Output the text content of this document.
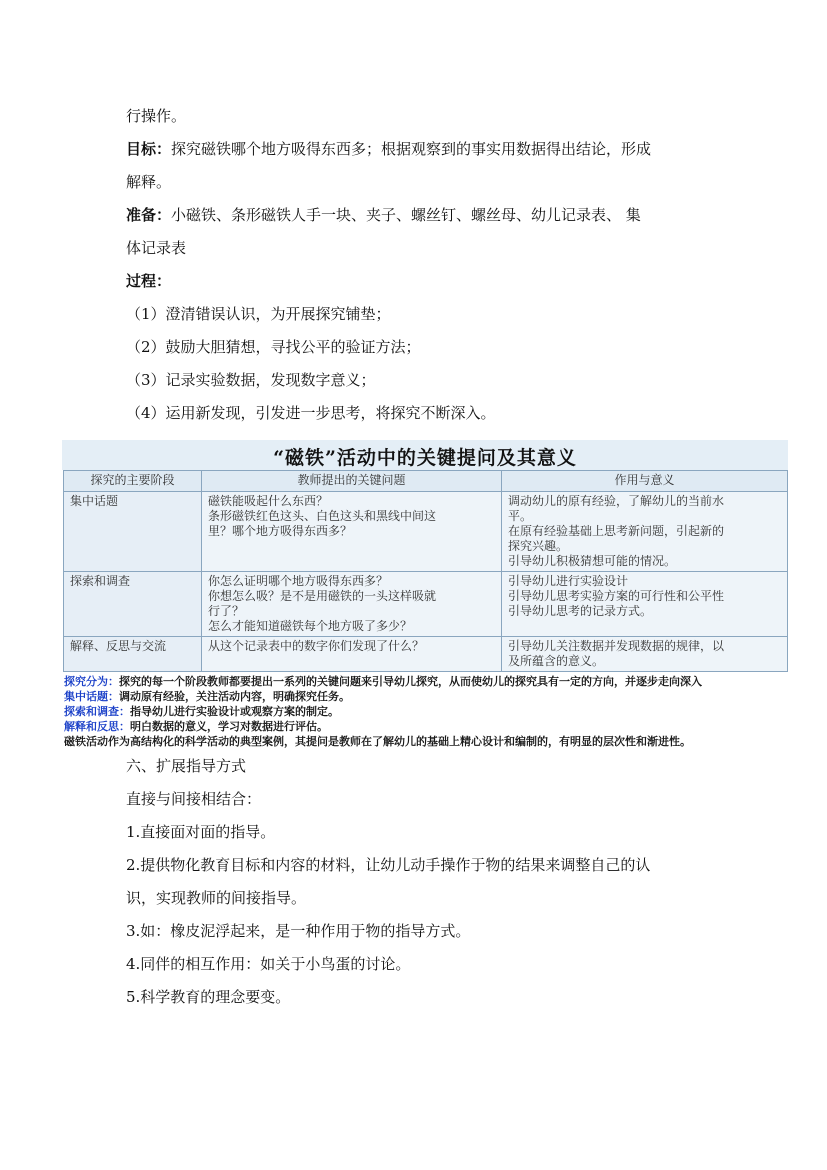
行操作。
目标：探究磁铁哪个地方吸得东西多；根据观察到的事实用数据得出结论，形成
解释。
准备：小磁铁、条形磁铁人手一块、夹子、螺丝钉、螺丝母、幼儿记录表、 集
体记录表
过程：
（1）澄清错误认识，为开展探究铺垫；
（2）鼓励大胆猜想，寻找公平的验证方法；
（3）记录实验数据，发现数字意义；
（4）运用新发现，引发进一步思考，将探究不断深入。
“磁铁”活动中的关键提问及其意义
探究的主要阶段	教师提出的关键问题	作用与意义
集中话题	磁铁能吸起什么东西？
条形磁铁红色这头、白色这头和黑线中间这
里？哪个地方吸得东西多？	调动幼儿的原有经验，了解幼儿的当前水
平。
在原有经验基础上思考新问题，引起新的
探究兴趣。
引导幼儿积极猜想可能的情况。

探索和调查	你怎么证明哪个地方吸得东西多？
你想怎么吸？是不是用磁铁的一头这样吸就
行了？
怎么才能知道磁铁每个地方吸了多少？	引导幼儿进行实验设计
引导幼儿思考实验方案的可行性和公平性
引导幼儿思考的记录方式。

解释、反思与交流	从这个记录表中的数字你们发现了什么？	引导幼儿关注数据并发现数据的规律，以
及所蕴含的意义。
探究分为：探究的每一个阶段教师都要提出一系列的关键问题来引导幼儿探究，从而使幼儿的探究具有一定的方向，并逐步走向深入
集中话题：调动原有经验，关注活动内容，明确探究任务。
探索和调查：指导幼儿进行实验设计或观察方案的制定。
解释和反思：明白数据的意义，学习对数据进行评估。
磁铁活动作为高结构化的科学活动的典型案例，其提问是教师在了解幼儿的基础上精心设计和编制的，有明显的层次性和渐进性。
六、扩展指导方式
直接与间接相结合：
1.直接面对面的指导。
2.提供物化教育目标和内容的材料，让幼儿动手操作于物的结果来调整自己的认
识，实现教师的间接指导。
3.如：橡皮泥浮起来，是一种作用于物的指导方式。
4.同伴的相互作用：如关于小鸟蛋的讨论。
5.科学教育的理念要变。
